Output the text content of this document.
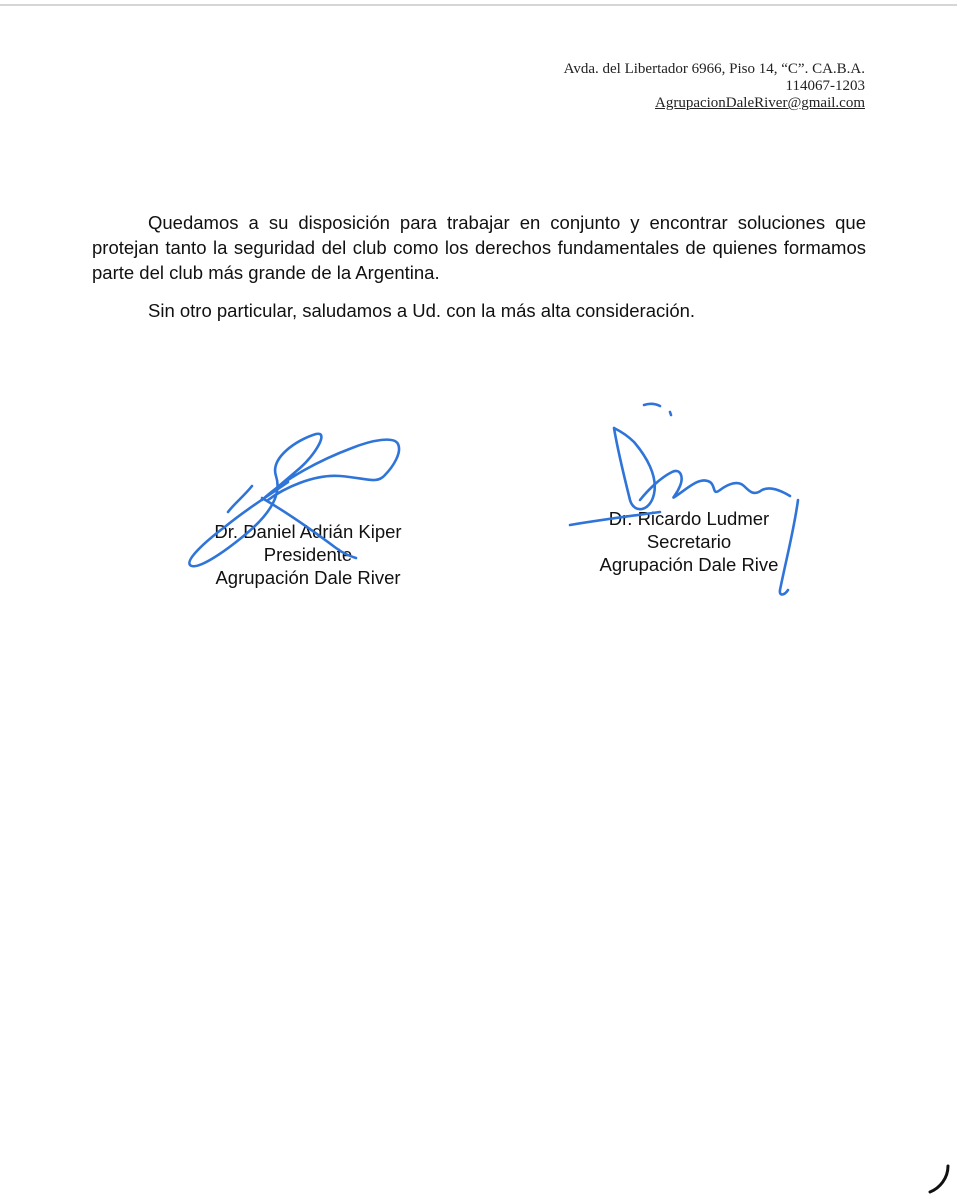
Avda. del Libertador 6966, Piso 14, “C”. CA.B.A.
114067-1203
AgrupacionDaleRiver@gmail.com

Quedamos a su disposición para trabajar en conjunto y encontrar soluciones que protejan tanto la seguridad del club como los derechos fundamentales de quienes formamos parte del club más grande de la Argentina.

Sin otro particular, saludamos a Ud. con la más alta consideración.

Dr. Daniel Adrián Kiper
Presidente
Agrupación Dale River
Dr. Ricardo Ludmer
Secretario
Agrupación Dale Rive
